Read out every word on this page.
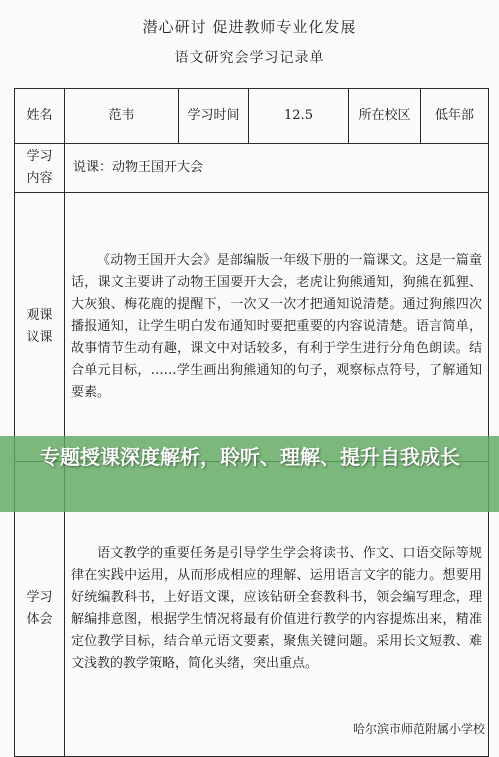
潜心研讨 促进教师专业化发展
语文研究会学习记录单
姓名	范韦	学习时间	12.5	所在校区	低年部

学习
内容	说课：动物王国开大会				

观课
议课	《动物王国开大会》是部编版一年级下册的一篇课文。这是一篇童话，课文主要讲了动物王国要开大会，老虎让狗熊通知，狗熊在狐狸、大灰狼、梅花鹿的提醒下，一次又一次才把通知说清楚。通过狗熊四次播报通知，让学生明白发布通知时要把重要的内容说清楚。语言简单，故事情节生动有趣，课文中对话较多，有利于学生进行分角色朗读。结合单元目标，……学生画出狗熊通知的句子，观察标点符号，了解通知要素。				

学习
体会	语文教学的重要任务是引导学生学会将读书、作文、口语交际等规律在实践中运用，从而形成相应的理解、运用语言文字的能力。想要用好统编教科书，上好语文课，应该钻研全套教科书，领会编写理念，理解编排意图，根据学生情况将最有价值进行教学的内容提炼出来，精准定位教学目标，结合单元语文要素，聚焦关键问题。采用长文短教、难文浅教的教学策略，简化头绪，突出重点。				
专题授课深度解析，聆听、理解、提升自我成长
哈尔滨市师范附属小学校
